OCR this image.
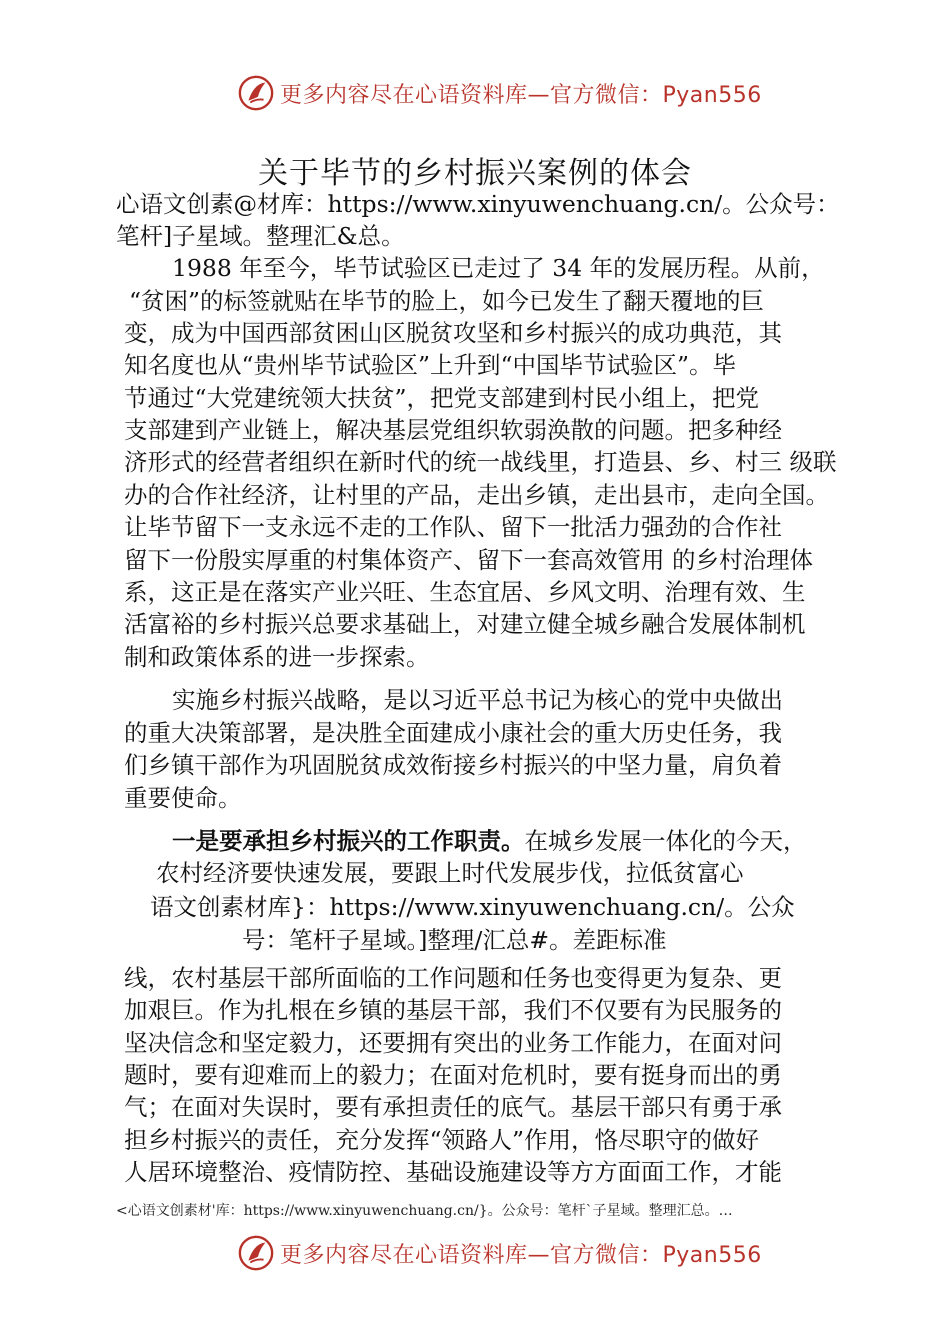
更多内容尽在心语资料库—官方微信：Pyan556
关于毕节的乡村振兴案例的体会
心语文创素@材库：https://www.xinyuwenchuang.cn/。公众号：
笔杆]子星域。整理汇&总。
1988 年至今，毕节试验区已走过了 34 年的发展历程。从前，
“贫困”的标签就贴在毕节的脸上，如今已发生了翻天覆地的巨
变，成为中国西部贫困山区脱贫攻坚和乡村振兴的成功典范，其
知名度也从“贵州毕节试验区”上升到“中国毕节试验区”。毕
节通过“大党建统领大扶贫”，把党支部建到村民小组上，把党
支部建到产业链上，解决基层党组织软弱涣散的问题。把多种经
济形式的经营者组织在新时代的统一战线里，打造县、乡、村三 级联
办的合作社经济，让村里的产品，走出乡镇，走出县市，走向全国。
让毕节留下一支永远不走的工作队、留下一批活力强劲的合作社
留下一份殷实厚重的村集体资产、留下一套高效管用 的乡村治理体
系，这正是在落实产业兴旺、生态宜居、乡风文明、治理有效、生
活富裕的乡村振兴总要求基础上，对建立健全城乡融合发展体制机
制和政策体系的进一步探索。
实施乡村振兴战略，是以习近平总书记为核心的党中央做出
的重大决策部署，是决胜全面建成小康社会的重大历史任务，我
们乡镇干部作为巩固脱贫成效衔接乡村振兴的中坚力量，肩负着
重要使命。
一是要承担乡村振兴的工作职责。在城乡发展一体化的今天，
农村经济要快速发展，要跟上时代发展步伐，拉低贫富心
语文创素材库}：https://www.xinyuwenchuang.cn/。公众
号：笔杆子星域。]整理/汇总#。差距标准
线，农村基层干部所面临的工作问题和任务也变得更为复杂、更
加艰巨。作为扎根在乡镇的基层干部，我们不仅要有为民服务的
坚决信念和坚定毅力，还要拥有突出的业务工作能力，在面对问
题时，要有迎难而上的毅力；在面对危机时，要有挺身而出的勇
气；在面对失误时，要有承担责任的底气。基层干部只有勇于承
担乡村振兴的责任，充分发挥“领路人”作用，恪尽职守的做好
人居环境整治、疫情防控、基础设施建设等方方面面工作，才能
<心语文创素材'库：https://www.xinyuwenchuang.cn/}。公众号：笔杆`子星域。整理汇总。…
更多内容尽在心语资料库—官方微信：Pyan556
